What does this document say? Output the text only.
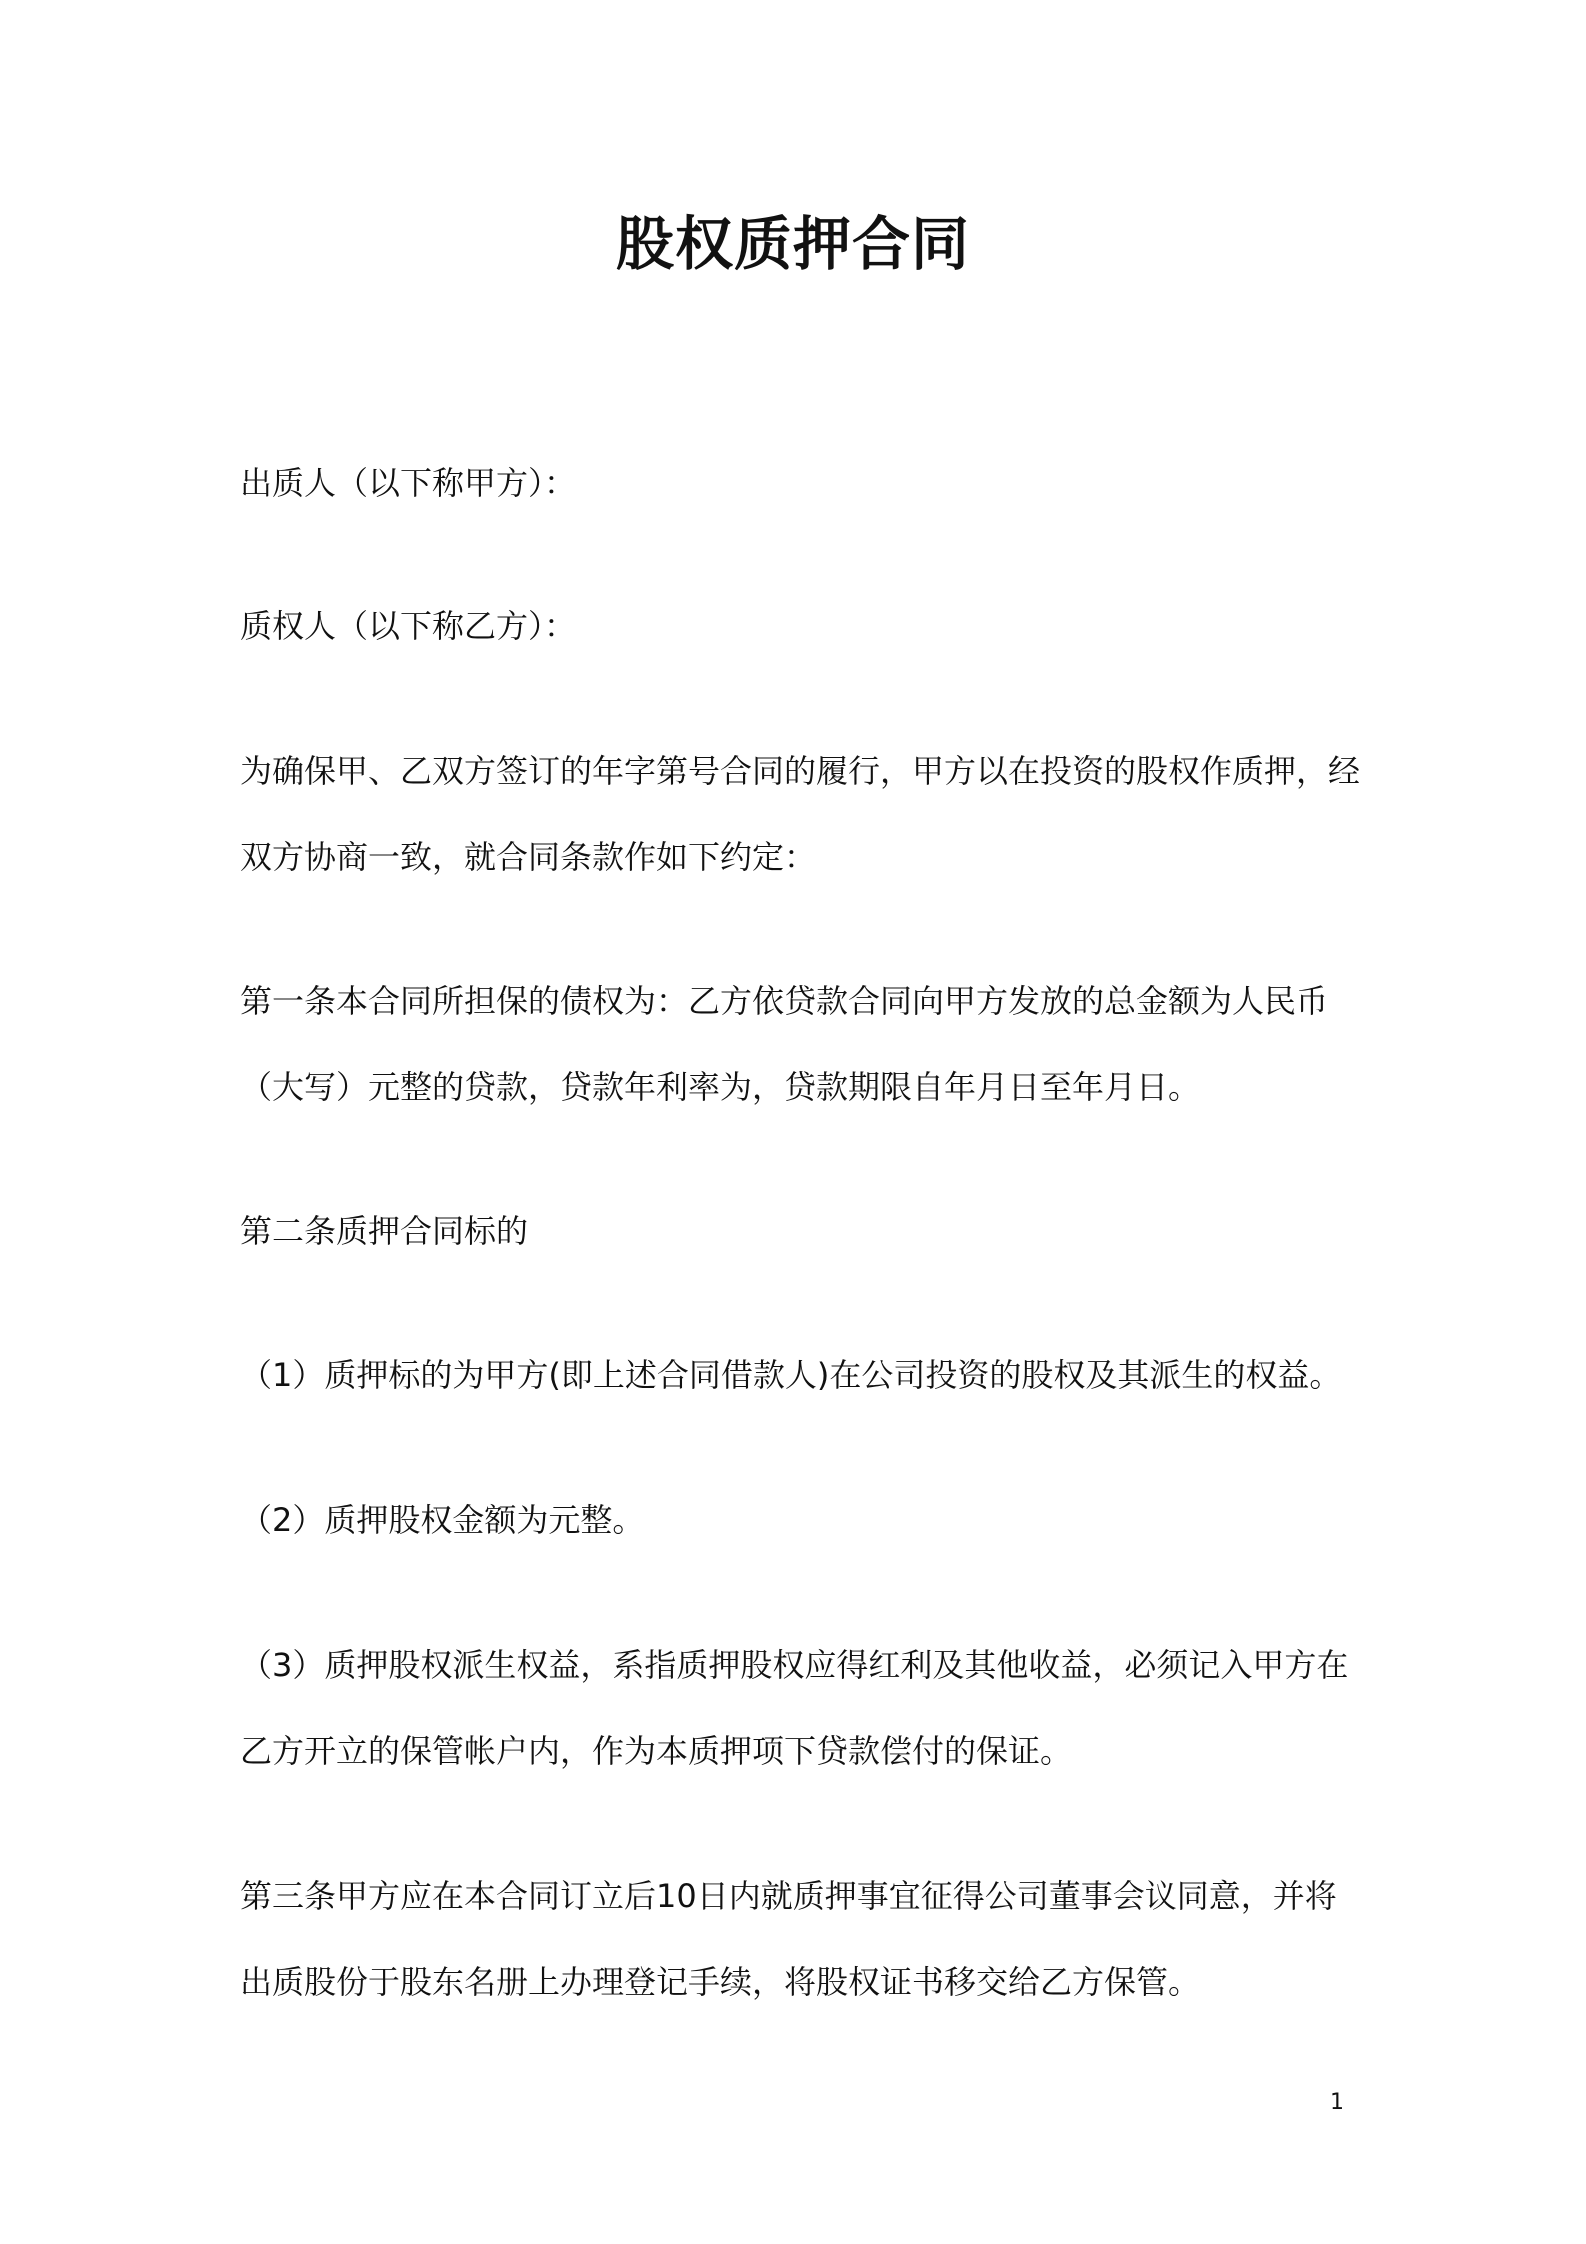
股权质押合同
出质人（以下称甲方）：
质权人（以下称乙方）：
为确保甲、乙双方签订的年字第号合同的履行，甲方以在投资的股权作质押，经
双方协商一致，就合同条款作如下约定：
第一条本合同所担保的债权为：乙方依贷款合同向甲方发放的总金额为人民币
（大写）元整的贷款，贷款年利率为，贷款期限自年月日至年月日。
第二条质押合同标的
（1）质押标的为甲方(即上述合同借款人)在公司投资的股权及其派生的权益。
（2）质押股权金额为元整。
（3）质押股权派生权益，系指质押股权应得红利及其他收益，必须记入甲方在
乙方开立的保管帐户内，作为本质押项下贷款偿付的保证。
第三条甲方应在本合同订立后10日内就质押事宜征得公司董事会议同意，并将
出质股份于股东名册上办理登记手续，将股权证书移交给乙方保管。
1
